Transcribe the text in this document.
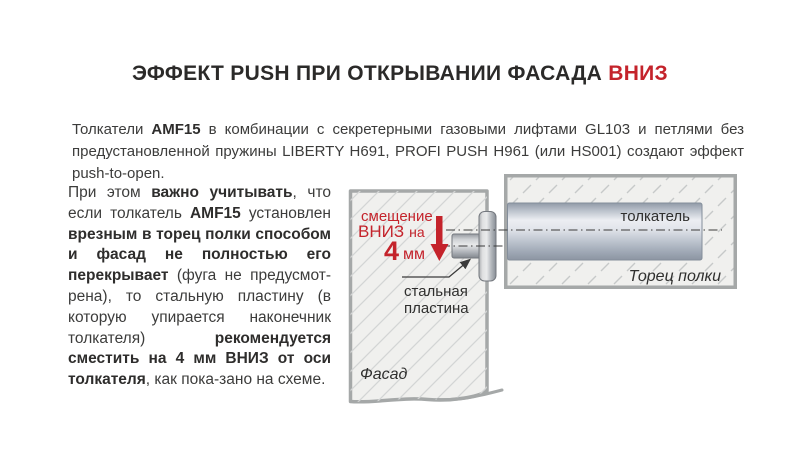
ЭФФЕКТ PUSH ПРИ ОТКРЫВАНИИ ФАСАДА ВНИЗ

Толкатели AMF15 в комбинации с секретерными газовыми лифтами GL103 и петлями без предустановленной пружины LIBERTY H691, PROFI PUSH H961 (или HS001) создают эффект push-to-open.

При этом важно учитывать, что если толкатель AMF15 установлен врезным в торец полки способом и фасад не полностью его перекрывает (фуга не предусмот-рена), то стальную пластину (в которую упирается наконечник толкателя) рекомендуется сместить на 4 мм ВНИЗ от оси толкателя, как пока-зано на схеме.
толкатель
Торец полки
смещение
ВНИЗ на
4 мм
стальная
пластина
Фасад
